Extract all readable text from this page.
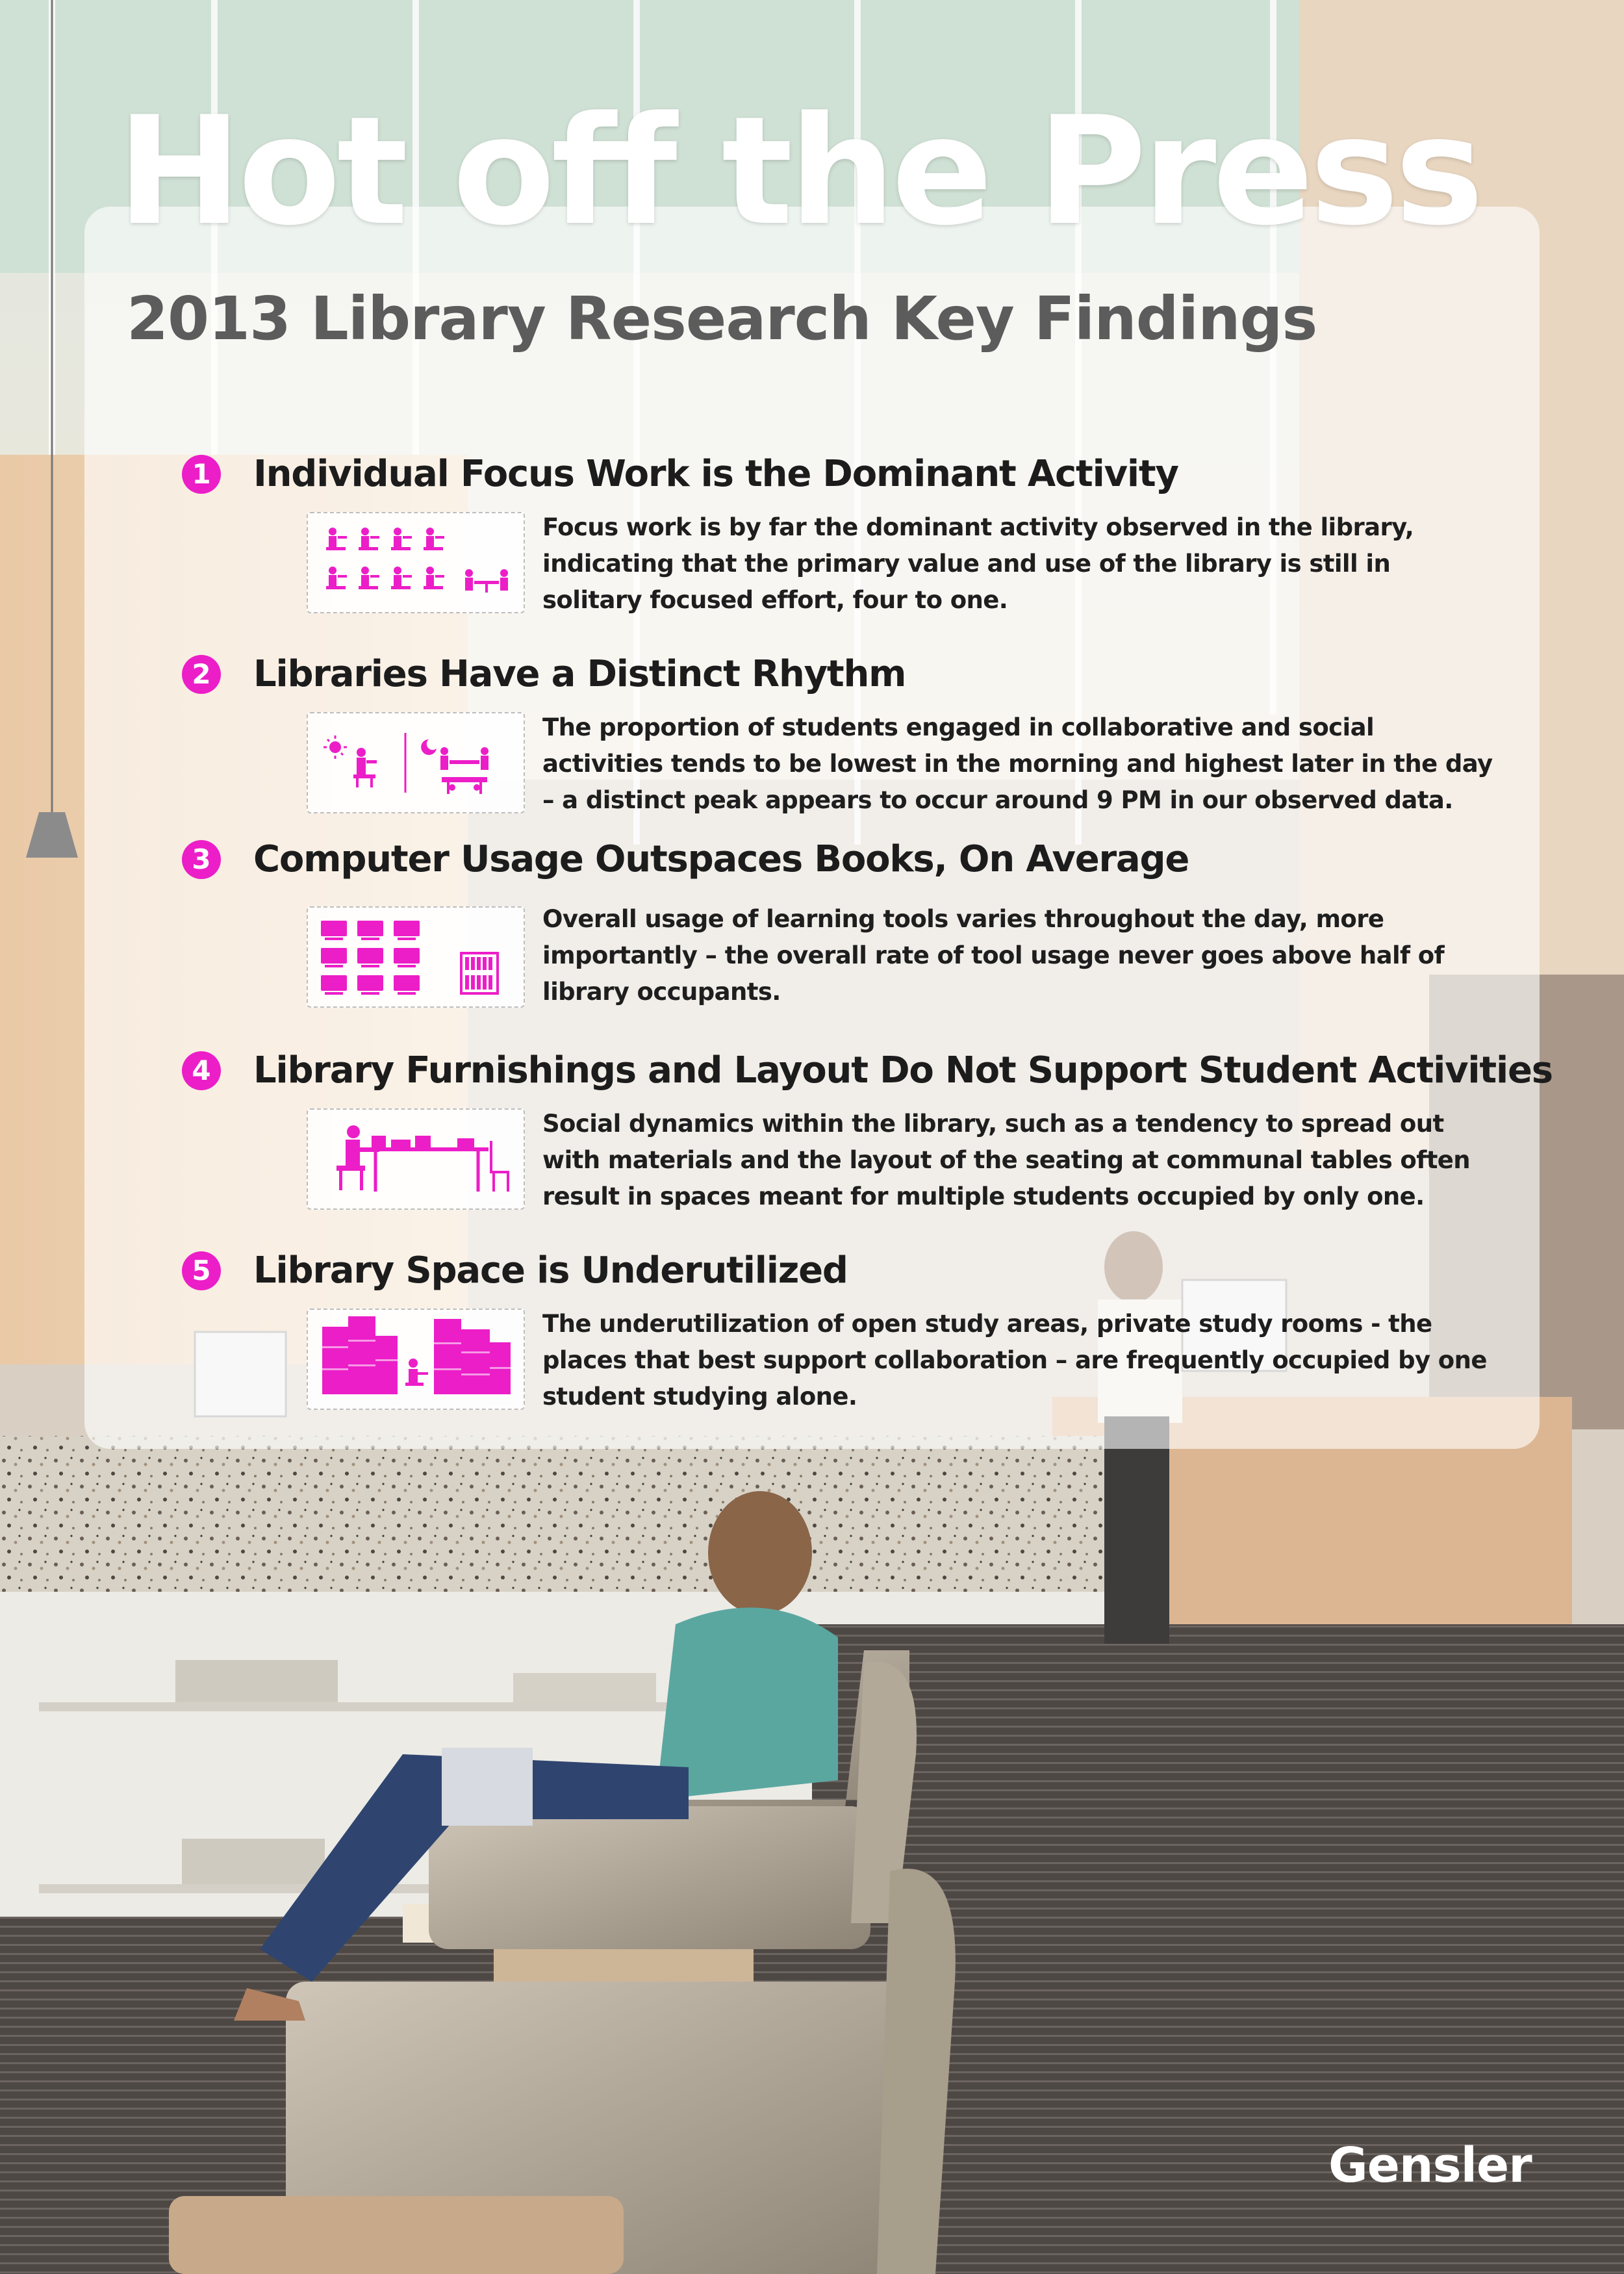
Hot off the Press
2013 Library Research Key Findings
1 Individual Focus Work is the Dominant Activity

Focus work is by far the dominant activity observed in the library, indicating that the primary value and use of the library is still in solitary focused effort, four to one.

2 Libraries Have a Distinct Rhythm

The proportion of students engaged in collaborative and social activities tends to be lowest in the morning and highest later in the day – a distinct peak appears to occur around 9 PM in our observed data.

3 Computer Usage Outspaces Books, On Average

Overall usage of learning tools varies throughout the day, more importantly – the overall rate of tool usage never goes above half of library occupants.

4 Library Furnishings and Layout Do Not Support Student Activities

Social dynamics within the library, such as a tendency to spread out with materials and the layout of the seating at communal tables often result in spaces meant for multiple students occupied by only one.

5 Library Space is Underutilized

The underutilization of open study areas, private study rooms - the places that best support collaboration – are frequently occupied by one student studying alone.

Gensler
